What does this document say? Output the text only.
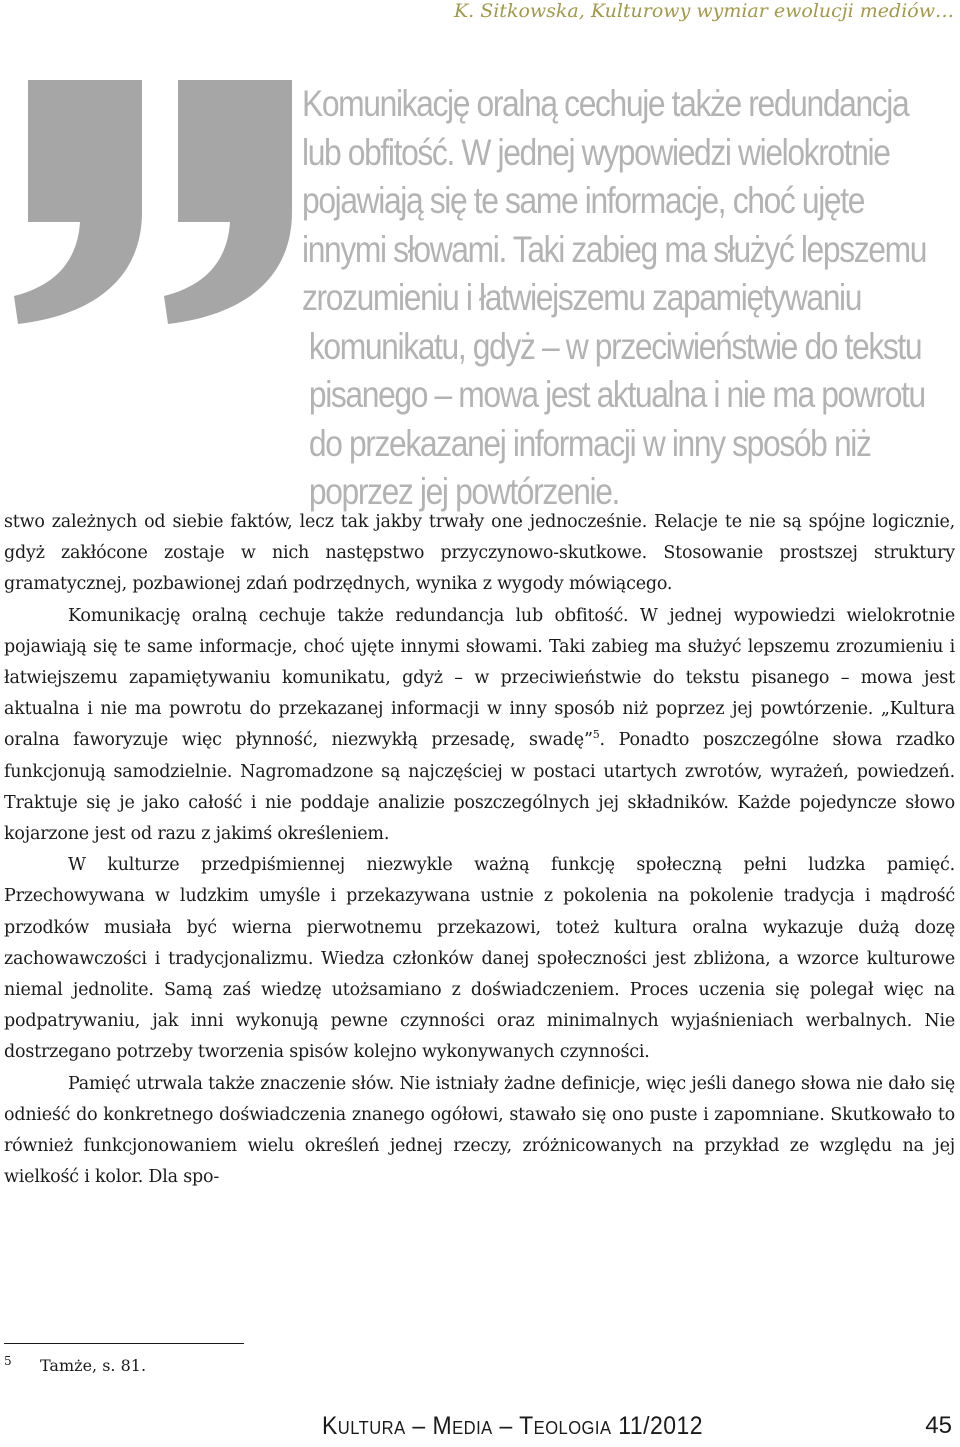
K. Sitkowska, Kulturowy wymiar ewolucji mediów…
Komunikację oralną cechuje także redundancja
lub obfitość. W jednej wypowiedzi wielokrotnie
pojawiają się te same informacje, choć ujęte
innymi słowami. Taki zabieg ma służyć lepszemu
zrozumieniu i łatwiejszemu zapamiętywaniu
komunikatu, gdyż – w przeciwieństwie do tekstu
pisanego – mowa jest aktualna i nie ma powrotu
do przekazanej informacji w inny sposób niż
poprzez jej powtórzenie.

stwo zależnych od siebie faktów, lecz tak jakby trwały one jednocześnie. Relacje te nie są spójne logicznie, gdyż zakłócone zostaje w nich następstwo przyczynowo-skutkowe. Stosowanie prostszej struktury gramatycznej, pozbawionej zdań podrzędnych, wynika z wygody mówiącego.

Komunikację oralną cechuje także redundancja lub obfitość. W jednej wypowiedzi wielokrotnie pojawiają się te same informacje, choć ujęte innymi słowami. Taki zabieg ma służyć lepszemu zrozumieniu i łatwiejszemu zapamiętywaniu komunikatu, gdyż – w przeciwieństwie do tekstu pisanego – mowa jest aktualna i nie ma powrotu do przekazanej informacji w inny sposób niż poprzez jej powtórzenie. „Kultura oralna faworyzuje więc płynność, niezwykłą przesadę, swadę”$^5$. Ponadto poszczególne słowa rzadko funkcjonują samodzielnie. Nagromadzone są najczęściej w postaci utartych zwrotów, wyrażeń, powiedzeń. Traktuje się je jako całość i nie poddaje analizie poszczególnych jej składników. Każde pojedyncze słowo kojarzone jest od razu z jakimś określeniem.

W kulturze przedpiśmiennej niezwykle ważną funkcję społeczną pełni ludzka pamięć. Przechowywana w ludzkim umyśle i przekazywana ustnie z pokolenia na pokolenie tradycja i mądrość przodków musiała być wierna pierwotnemu przekazowi, toteż kultura oralna wykazuje dużą dozę zachowawczości i tradycjonalizmu. Wiedza członków danej społeczności jest zbliżona, a wzorce kulturowe niemal jednolite. Samą zaś wiedzę utożsamiano z doświadczeniem. Proces uczenia się polegał więc na podpatrywaniu, jak inni wykonują pewne czynności oraz minimalnych wyjaśnieniach werbalnych. Nie dostrzegano potrzeby tworzenia spisów kolejno wykonywanych czynności.

Pamięć utrwala także znaczenie słów. Nie istniały żadne definicje, więc jeśli danego słowa nie dało się odnieść do konkretnego doświadczenia znanego ogółowi, stawało się ono puste i zapomniane. Skutkowało to również funkcjonowaniem wielu określeń jednej rzeczy, zróżnicowanych na przykład ze względu na jej wielkość i kolor. Dla spo-

5 Tamże, s. 81.
Kultura – Media – Teologia 11/2012	45
